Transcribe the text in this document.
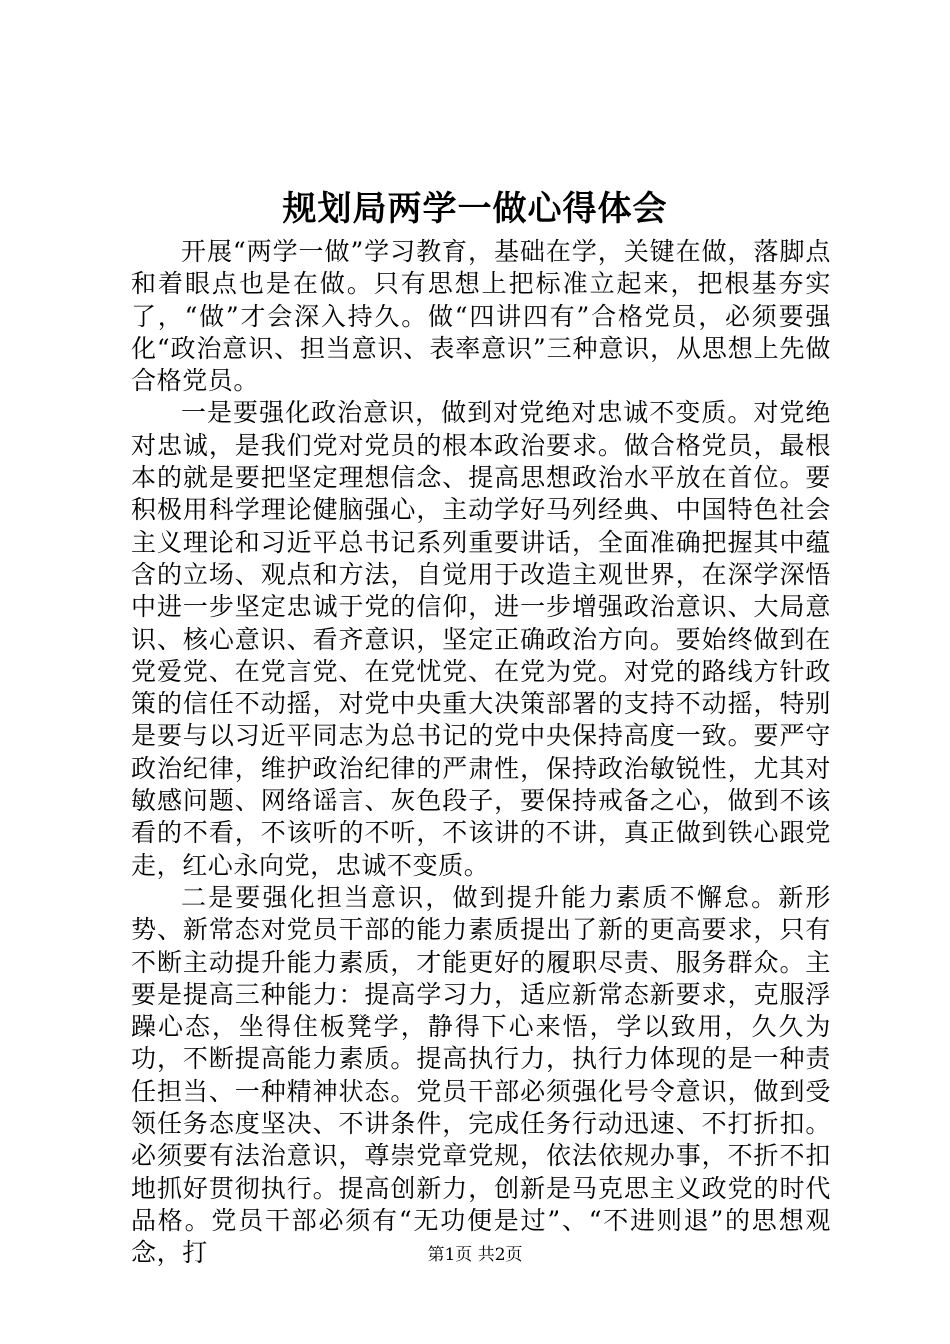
规划局两学一做心得体会

开展“两学一做”学习教育，基础在学，关键在做，落脚点和着眼点也是在做。只有思想上把标准立起来，把根基夯实了，“做”才会深入持久。做“四讲四有”合格党员，必须要强化“政治意识、担当意识、表率意识”三种意识，从思想上先做合格党员。

一是要强化政治意识，做到对党绝对忠诚不变质。对党绝对忠诚，是我们党对党员的根本政治要求。做合格党员，最根本的就是要把坚定理想信念、提高思想政治水平放在首位。要积极用科学理论健脑强心，主动学好马列经典、中国特色社会主义理论和习近平总书记系列重要讲话，全面准确把握其中蕴含的立场、观点和方法，自觉用于改造主观世界，在深学深悟中进一步坚定忠诚于党的信仰，进一步增强政治意识、大局意识、核心意识、看齐意识，坚定正确政治方向。要始终做到在党爱党、在党言党、在党忧党、在党为党。对党的路线方针政策的信任不动摇，对党中央重大决策部署的支持不动摇，特别是要与以习近平同志为总书记的党中央保持高度一致。要严守政治纪律，维护政治纪律的严肃性，保持政治敏锐性，尤其对敏感问题、网络谣言、灰色段子，要保持戒备之心，做到不该看的不看，不该听的不听，不该讲的不讲，真正做到铁心跟党走，红心永向党，忠诚不变质。

二是要强化担当意识，做到提升能力素质不懈怠。新形势、新常态对党员干部的能力素质提出了新的更高要求，只有不断主动提升能力素质，才能更好的履职尽责、服务群众。主要是提高三种能力：提高学习力，适应新常态新要求，克服浮躁心态，坐得住板凳学，静得下心来悟，学以致用，久久为功，不断提高能力素质。提高执行力，执行力体现的是一种责任担当、一种精神状态。党员干部必须强化号令意识，做到受领任务态度坚决、不讲条件，完成任务行动迅速、不打折扣。必须要有法治意识，尊崇党章党规，依法依规办事，不折不扣地抓好贯彻执行。提高创新力，创新是马克思主义政党的时代品格。党员干部必须有“无功便是过”、“不进则退”的思想观念，打	第1页 共2页
